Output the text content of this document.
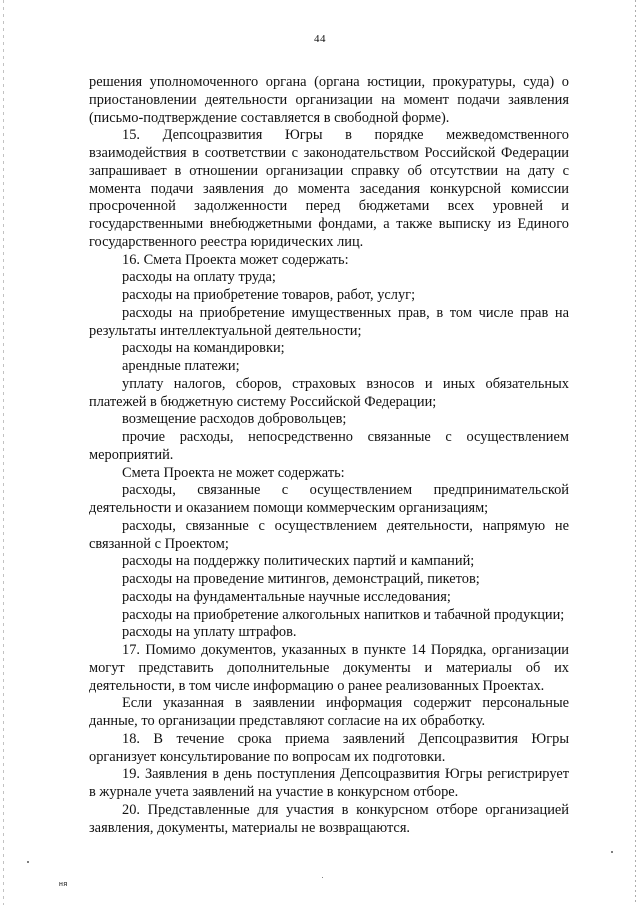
44

решения уполномоченного органа (органа юстиции, прокуратуры, суда) о приостановлении деятельности организации на момент подачи заявления (письмо-подтверждение составляется в свободной форме).

15. Депсоцразвития Югры в порядке межведомственного взаимодействия в соответствии с законодательством Российской Федерации запрашивает в отношении организации справку об отсутствии на дату с момента подачи заявления до момента заседания конкурсной комиссии просроченной задолженности перед бюджетами всех уровней и государственными внебюджетными фондами, а также выписку из Единого государственного реестра юридических лиц.

16. Смета Проекта может содержать:

расходы на оплату труда;

расходы на приобретение товаров, работ, услуг;

расходы на приобретение имущественных прав, в том числе прав на результаты интеллектуальной деятельности;

расходы на командировки;

арендные платежи;

уплату налогов, сборов, страховых взносов и иных обязательных платежей в бюджетную систему Российской Федерации;

возмещение расходов добровольцев;

прочие расходы, непосредственно связанные с осуществлением мероприятий.

Смета Проекта не может содержать:

расходы, связанные с осуществлением предпринимательской деятельности и оказанием помощи коммерческим организациям;

расходы, связанные с осуществлением деятельности, напрямую не связанной с Проектом;

расходы на поддержку политических партий и кампаний;

расходы на проведение митингов, демонстраций, пикетов;

расходы на фундаментальные научные исследования;

расходы на приобретение алкогольных напитков и табачной продукции;

расходы на уплату штрафов.

17. Помимо документов, указанных в пункте 14 Порядка, организации могут представить дополнительные документы и материалы об их деятельности, в том числе информацию о ранее реализованных Проектах.

Если указанная в заявлении информация содержит персональные данные, то организации представляют согласие на их обработку.

18. В течение срока приема заявлений Депсоцразвития Югры организует консультирование по вопросам их подготовки.

19. Заявления в день поступления Депсоцразвития Югры регистрирует в журнале учета заявлений на участие в конкурсном отборе.

20. Представленные для участия в конкурсном отборе организацией заявления, документы, материалы не возвращаются.

ня
